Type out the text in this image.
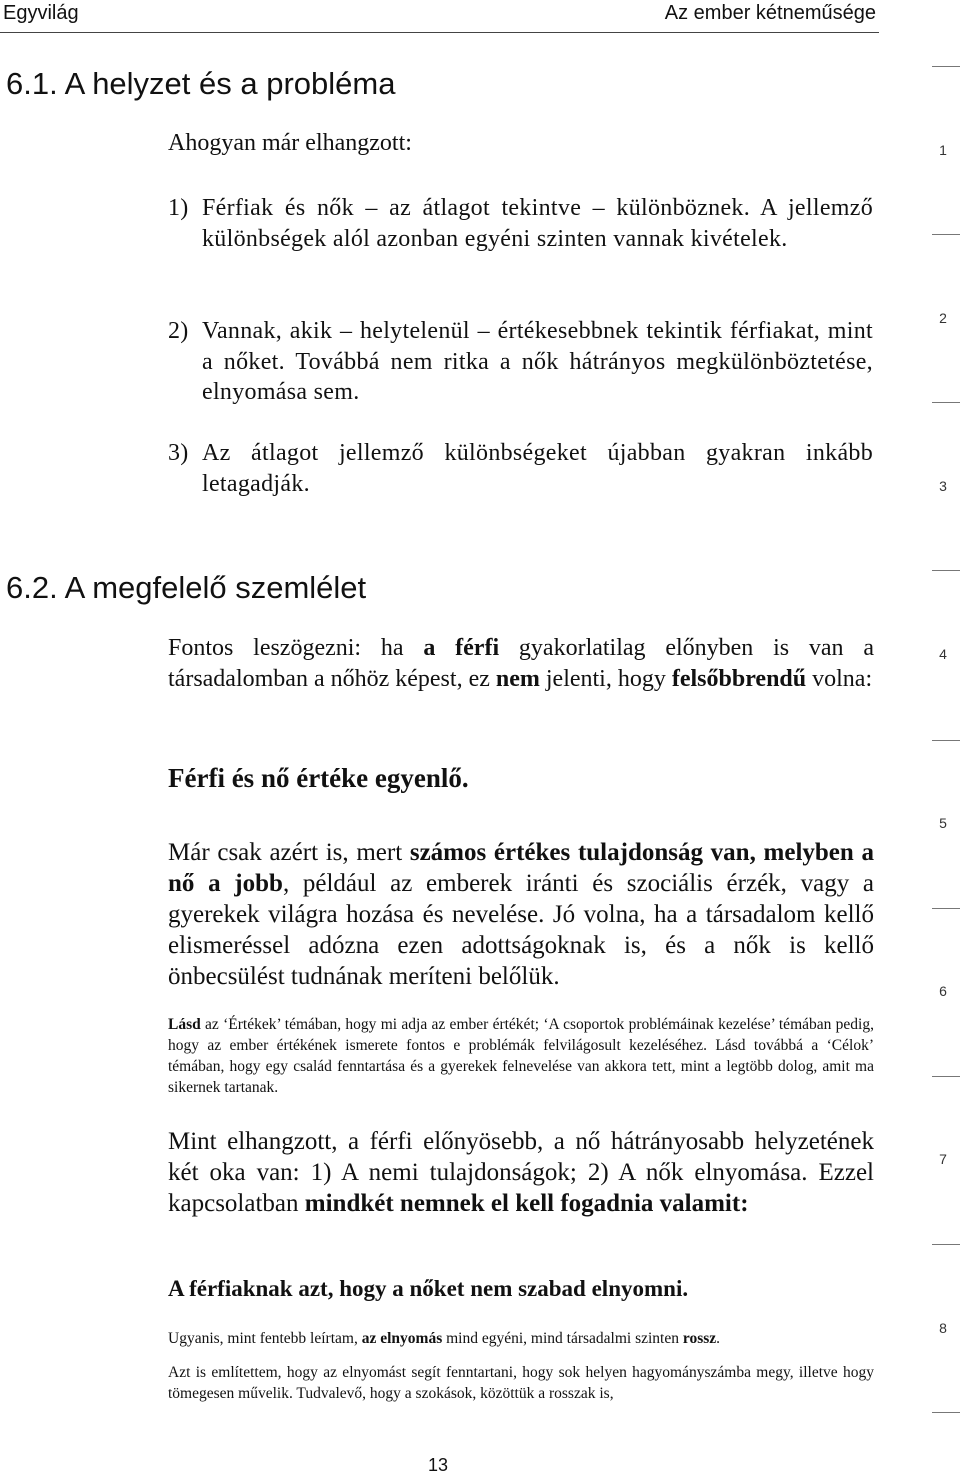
Egyvilág	Az ember kétneműsége
1
2
3
4
5
6
7
8
6.1. A helyzet és a probléma
Ahogyan már elhangzott:
1) Férfiak és nők – az átlagot tekintve – különböznek. A jellemző különbségek alól azonban egyéni szinten vannak kivételek.
2) Vannak, akik – helytelenül – értékesebbnek tekintik férfiakat, mint a nőket. Továbbá nem ritka a nők hátrányos megkülönböztetése, elnyomása sem.
3) Az átlagot jellemző különbségeket újabban gyakran inkább letagadják.
6.2. A megfelelő szemlélet
Fontos leszögezni: ha a férfi gyakorlatilag előnyben is van a társadalomban a nőhöz képest, ez nem jelenti, hogy felsőbbrendű volna:
Férfi és nő értéke egyenlő.
Már csak azért is, mert számos értékes tulajdonság van, melyben a nő a jobb, például az emberek iránti és szociális érzék, vagy a gyerekek világra hozása és nevelése. Jó volna, ha a társadalom kellő elismeréssel adózna ezen adottságoknak is, és a nők is kellő önbecsülést tudnának meríteni belőlük.
Lásd az ‘Értékek’ témában, hogy mi adja az ember értékét; ‘A csoportok problémáinak kezelése’ témában pedig, hogy az ember értékének ismerete fontos e problémák felvilágosult kezeléséhez. Lásd továbbá a ‘Célok’ témában, hogy egy család fenntartása és a gyerekek felnevelése van akkora tett, mint a legtöbb dolog, amit ma sikernek tartanak.
Mint elhangzott, a férfi előnyösebb, a nő hátrányosabb helyzetének két oka van: 1) A nemi tulajdonságok; 2) A nők elnyomása. Ezzel kapcsolatban mindkét nemnek el kell fogadnia valamit:
A férfiaknak azt, hogy a nőket nem szabad elnyomni.
Ugyanis, mint fentebb leírtam, az elnyomás mind egyéni, mind társadalmi szinten rossz.
Azt is említettem, hogy az elnyomást segít fenntartani, hogy sok helyen hagyományszámba megy, illetve hogy tömegesen művelik. Tudvalevő, hogy a szokások, közöttük a rosszak is,
13
